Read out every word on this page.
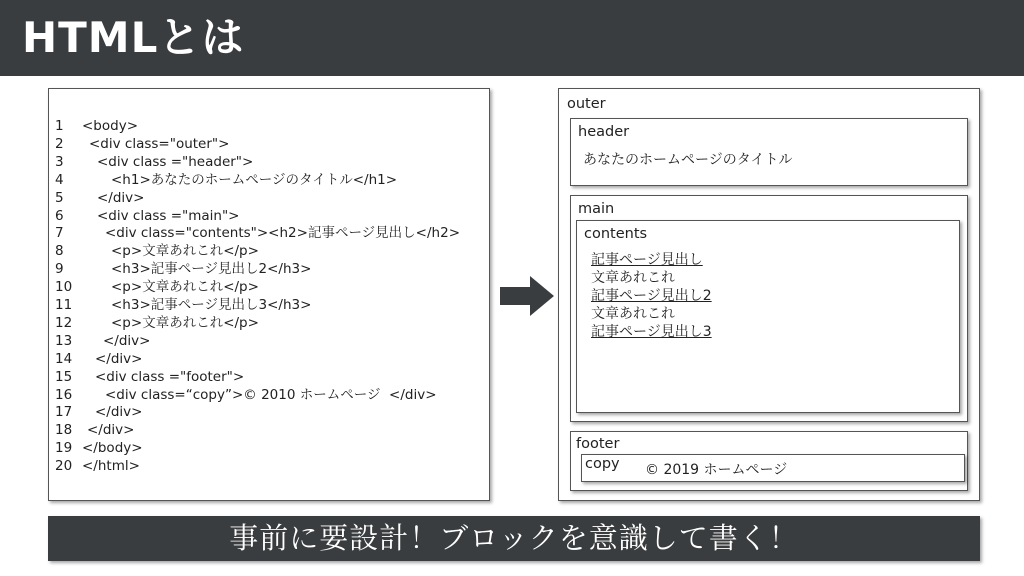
HTMLとは
1	<body>
2	<div class="outer">
3	<div class ="header">
4	<h1>あなたのホームページのタイトル</h1>
5	</div>
6	<div class ="main">
7	<div class="contents"><h2>記事ページ見出し</h2>
8	<p>文章あれこれ</p>
9	<h3>記事ページ見出し2</h3>
10	<p>文章あれこれ</p>
11	<h3>記事ページ見出し3</h3>
12	<p>文章あれこれ</p>
13	</div>
14	</div>
15	<div class ="footer">
16	<div class=“copy”>© 2010 ホームページ  </div>
17	</div>
18	</div>
19 </body>
20 </html>
outer
header
あなたのホームページのタイトル
main
contents
記事ページ見出し
文章あれこれ
記事ページ見出し2
文章あれこれ
記事ページ見出し3
footer
copy © 2019 ホームページ
事前に要設計！ブロックを意識して書く！
